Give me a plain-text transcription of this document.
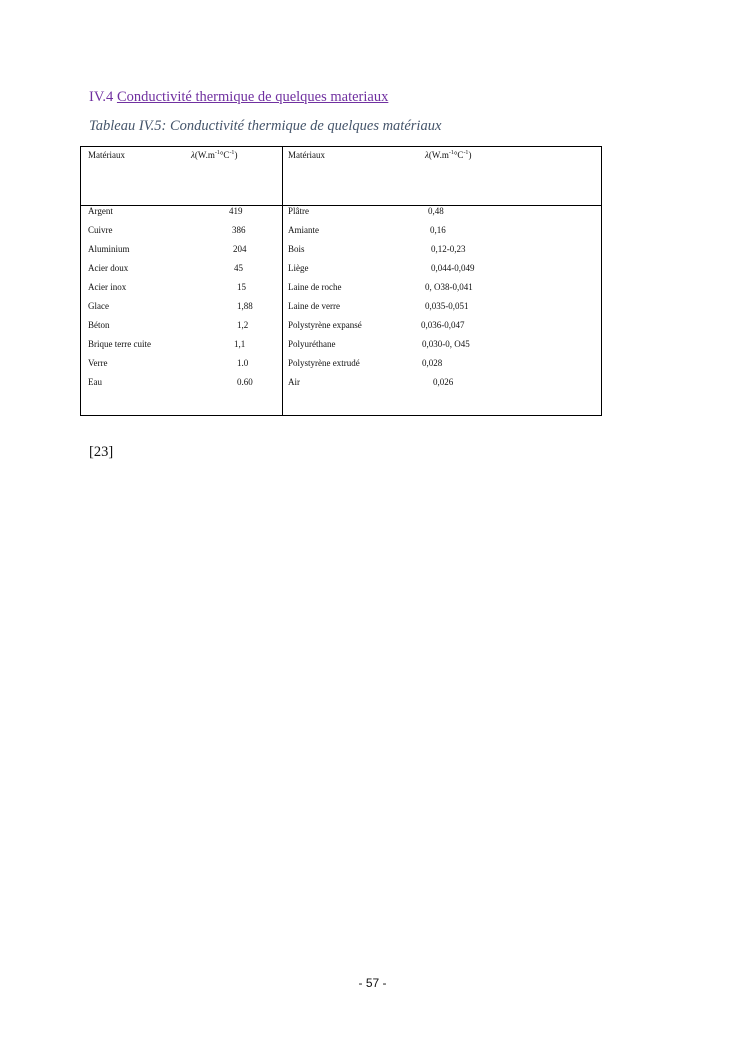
IV.4 Conductivité thermique de quelques materiaux
Tableau IV.5: Conductivité thermique de quelques matériaux
Matériaux	$\lambda(W.m^{-1}^\circ C^{-1})$	Matériaux	$\lambda(W.m^{-1}^\circ C^{-1})$
Argent	419	Plâtre	0,48
Cuivre	386	Amiante	0,16
Aluminium	204	Bois	0,12-0,23
Acier doux	45	Liège	0,044-0,049
Acier inox	15	Laine de roche	0, O38-0,041
Glace	1,88	Laine de verre	0,035-0,051
Béton	1,2	Polystyrène expansé	0,036-0,047
Brique terre cuite	1,1	Polyuréthane	0,030-0, O45
Verre	1.0	Polystyrène extrudé	0,028
Eau	0.60	Air	0,026
[23]
- 57 -
